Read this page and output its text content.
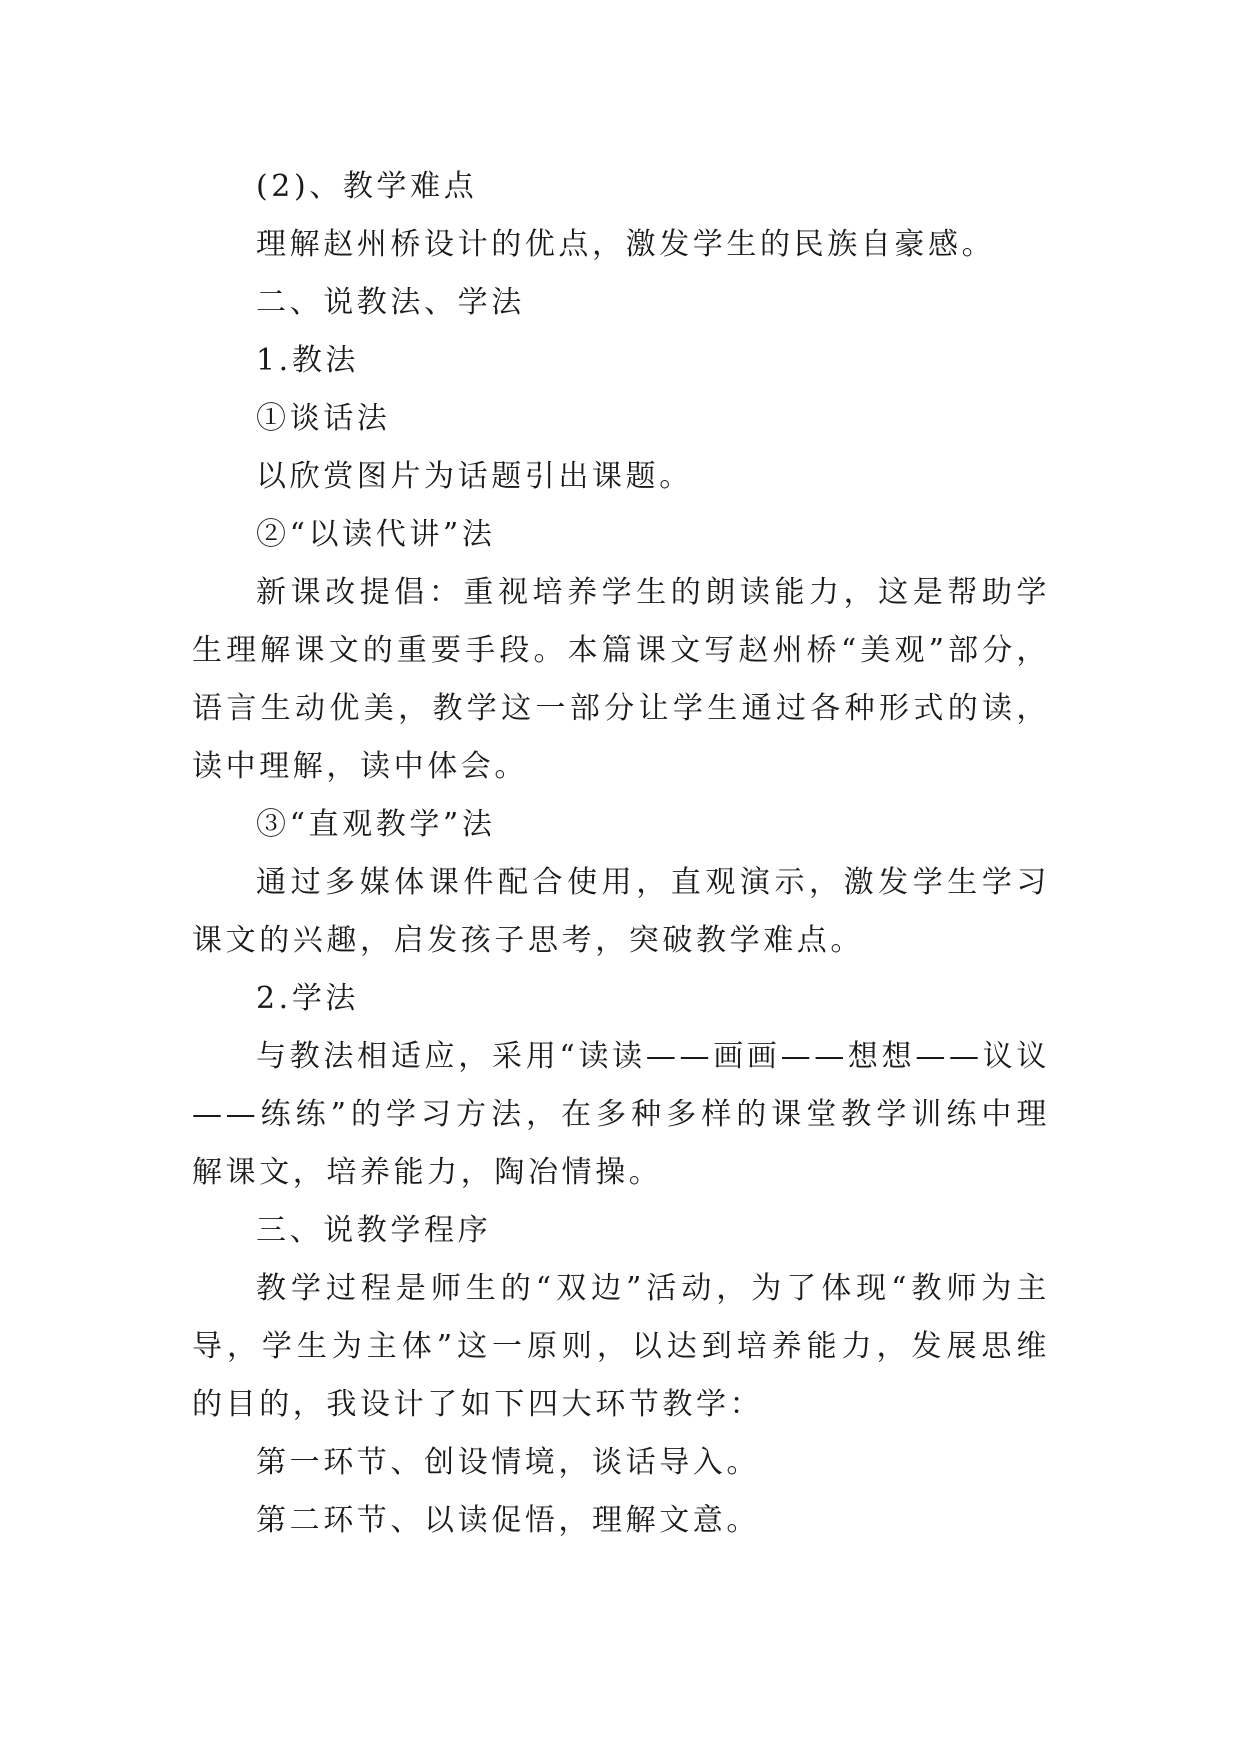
(2)、教学难点

理解赵州桥设计的优点，激发学生的民族自豪感。

二、说教法、学法

1.教法

①谈话法

以欣赏图片为话题引出课题。

②“以读代讲”法

新课改提倡：重视培养学生的朗读能力，这是帮助学生理解课文的重要手段。本篇课文写赵州桥“美观”部分，语言生动优美，教学这一部分让学生通过各种形式的读，读中理解，读中体会。

③“直观教学”法

通过多媒体课件配合使用，直观演示，激发学生学习课文的兴趣，启发孩子思考，突破教学难点。

2.学法

与教法相适应，采用“读读——画画——想想——议议——练练”的学习方法，在多种多样的课堂教学训练中理解课文，培养能力，陶冶情操。

三、说教学程序

教学过程是师生的“双边”活动，为了体现“教师为主导，学生为主体”这一原则，以达到培养能力，发展思维的目的，我设计了如下四大环节教学：

第一环节、创设情境，谈话导入。

第二环节、以读促悟，理解文意。
